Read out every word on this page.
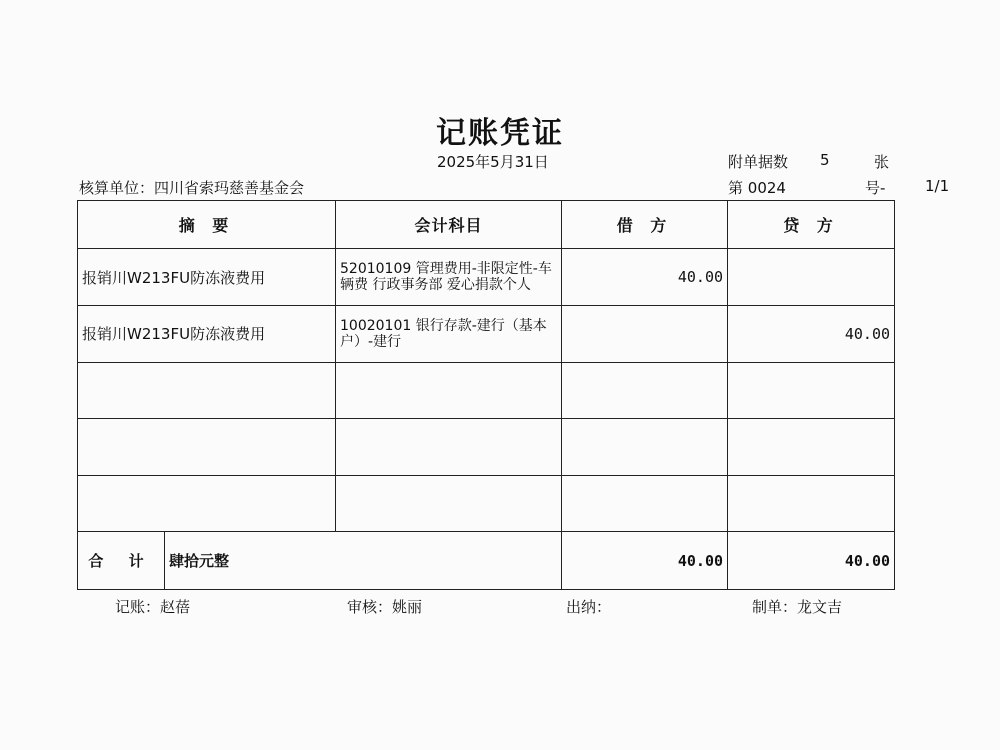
记账凭证
2025年5月31日	附单据数 5	张
核算单位：四川省索玛慈善基金会	第 0024	号-	1/1
摘 要		会计科目	借 方	贷 方
报销川W213FU防冻液费用		52010109 管理费用-非限定性-车辆费 行政事务部 爱心捐款个人	40.00	
报销川W213FU防冻液费用		10020101 银行存款-建行（基本户）-建行		40.00

合 计	肆拾元整		40.00	40.00
记账：赵蓓	审核：姚丽	出纳：	制单：龙文吉
